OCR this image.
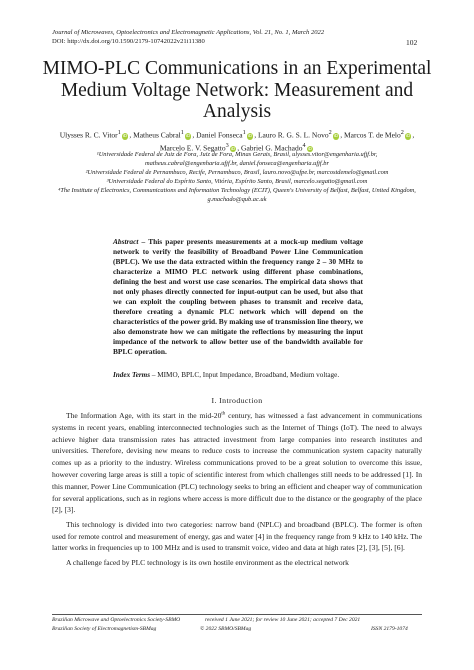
Journal of Microwaves, Optoelectronics and Electromagnetic Applications, Vol. 21, No. 1, March 2022
DOI: http://dx.doi.org/10.1590/2179-10742022v21i11380	102
MIMO-PLC Communications in an Experimental Medium Voltage Network: Measurement and Analysis
Ulysses R. C. Vitor$^1$ iD , Matheus Cabral$^1$ iD , Daniel Fonseca$^1$ iD , Lauro R. G. S. L. Novo$^2$ iD , Marcos T. de Melo$^2$ iD , Marcelo E. V. Segatto$^3$ iD , Gabriel G. Machado$^4$ iD
¹Universidade Federal de Juiz de Fora, Juiz de Fora, Minas Gerais, Brasil, ulysses.vitor@engenharia.ufjf.br, matheus.cabral@engenharia.ufjf.br, daniel.fonseca@engenharia.ufjf.br
²Universidade Federal de Pernambuco, Recife, Pernambuco, Brasil, lauro.novo@ufpe.br, marcostdemelo@gmail.com
³Universidade Federal do Espírito Santo, Vitória, Espírito Santo, Brasil, marcelo.segatto@gmail.com
⁴The Institute of Electronics, Communications and Information Technology (ECIT), Queen's University of Belfast, Belfast, United Kingdom, g.machado@qub.ac.uk
Abstract – This paper presents measurements at a mock-up medium voltage network to verify the feasibility of Broadband Power Line Communication (BPLC). We use the data extracted within the frequency range 2 – 30 MHz to characterize a MIMO PLC network using different phase combinations, defining the best and worst use case scenarios. The empirical data shows that not only phases directly connected for input-output can be used, but also that we can exploit the coupling between phases to transmit and receive data, therefore creating a dynamic PLC network which will depend on the characteristics of the power grid. By making use of transmission line theory, we also demonstrate how we can mitigate the reflections by measuring the input impedance of the network to allow better use of the bandwidth available for BPLC operation.
Index Terms – MIMO, BPLC, Input Impedance, Broadband, Medium voltage.
I. Introduction

The Information Age, with its start in the mid-20th century, has witnessed a fast advancement in communications systems in recent years, enabling interconnected technologies such as the Internet of Things (IoT). The need to always achieve higher data transmission rates has attracted investment from large companies into research institutes and universities. Therefore, devising new means to reduce costs to increase the communication system capacity naturally comes up as a priority to the industry. Wireless communications proved to be a great solution to overcome this issue, however covering large areas is still a topic of scientific interest from which challenges still needs to be addressed [1]. In this manner, Power Line Communication (PLC) technology seeks to bring an efficient and cheaper way of communication for several applications, such as in regions where access is more difficult due to the distance or the geography of the place [2], [3].

This technology is divided into two categories: narrow band (NPLC) and broadband (BPLC). The former is often used for remote control and measurement of energy, gas and water [4] in the frequency range from 9 kHz to 140 kHz. The latter works in frequencies up to 100 MHz and is used to transmit voice, video and data at high rates [2], [3], [5], [6].

A challenge faced by PLC technology is its own hostile environment as the electrical network

Brazilian Microwave and Optoelectronics Society-SBMO
Brazilian Society of Electromagnetism-SBMag
received 1 June 2021; for review 10 June 2021; accepted 7 Dec 2021
© 2022 SBMO/SBMag	ISSN 2179-1074
